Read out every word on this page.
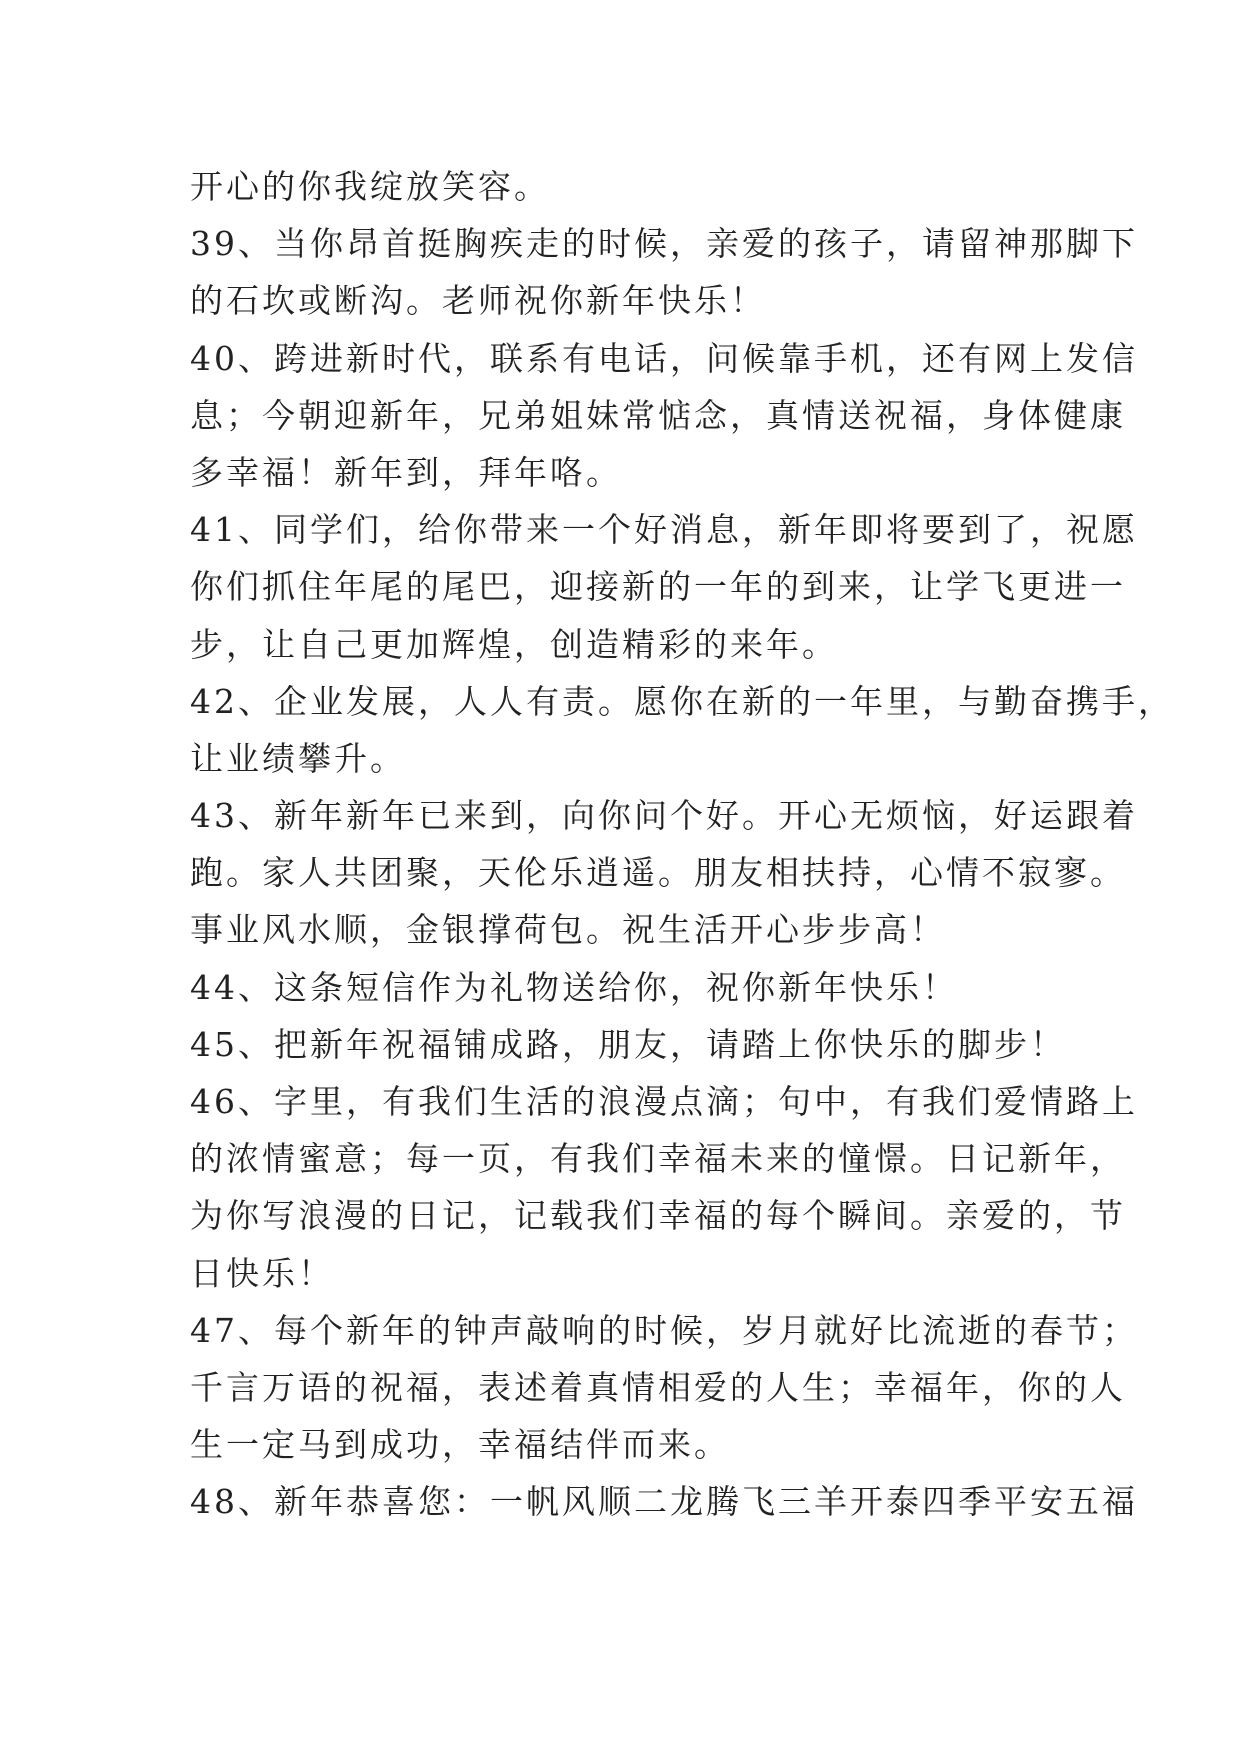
开心的你我绽放笑容。
39、当你昂首挺胸疾走的时候，亲爱的孩子，请留神那脚下
的石坎或断沟。老师祝你新年快乐！
40、跨进新时代，联系有电话，问候靠手机，还有网上发信
息；今朝迎新年，兄弟姐妹常惦念，真情送祝福，身体健康
多幸福！新年到，拜年咯。
41、同学们，给你带来一个好消息，新年即将要到了，祝愿
你们抓住年尾的尾巴，迎接新的一年的到来，让学飞更进一
步，让自己更加辉煌，创造精彩的来年。
42、企业发展，人人有责。愿你在新的一年里，与勤奋携手，
让业绩攀升。
43、新年新年已来到，向你问个好。开心无烦恼，好运跟着
跑。家人共团聚，天伦乐逍遥。朋友相扶持，心情不寂寥。
事业风水顺，金银撑荷包。祝生活开心步步高！
44、这条短信作为礼物送给你，祝你新年快乐！
45、把新年祝福铺成路，朋友，请踏上你快乐的脚步！
46、字里，有我们生活的浪漫点滴；句中，有我们爱情路上
的浓情蜜意；每一页，有我们幸福未来的憧憬。日记新年，
为你写浪漫的日记，记载我们幸福的每个瞬间。亲爱的，节
日快乐！
47、每个新年的钟声敲响的时候，岁月就好比流逝的春节；
千言万语的祝福，表述着真情相爱的人生；幸福年，你的人
生一定马到成功，幸福结伴而来。
48、新年恭喜您：一帆风顺二龙腾飞三羊开泰四季平安五福
